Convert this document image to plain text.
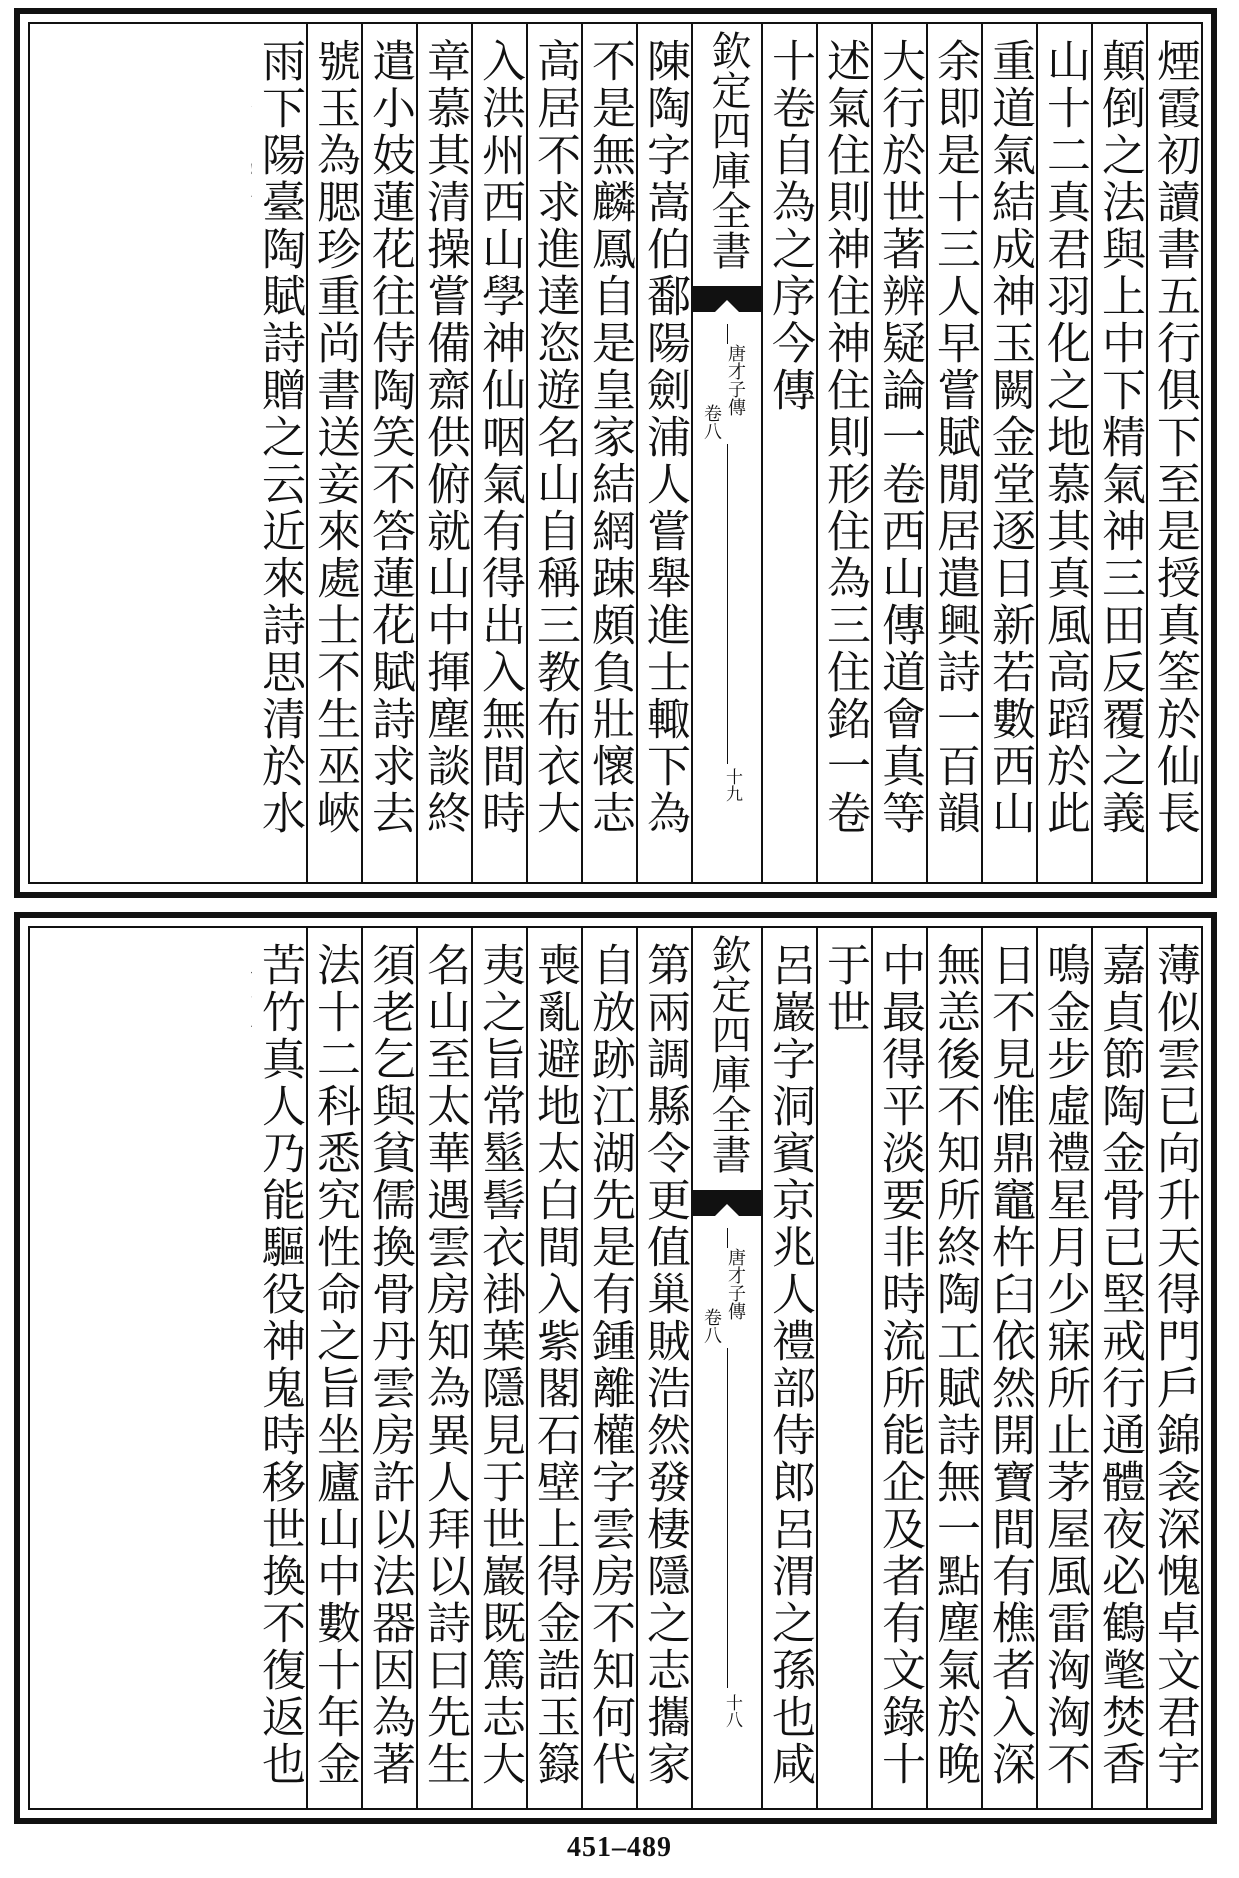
煙霞初讀書五行俱下至是授真筌於仙長
顛倒之法與上中下精氣神三田反覆之義
山十二真君羽化之地慕其真風高蹈於此
重道氣結成神玉闕金堂逐日新若數西山
余即是十三人早嘗賦閒居遣興詩一百韻
大行於世著辨疑論一卷西山傳道會真等
述氣住則神住神住則形住為三住銘一卷
十卷自為之序今傳
欽定四庫全書
唐才子傳
卷八
十九
陳陶字嵩伯鄱陽劍浦人嘗舉進士輙下為
不是無麟鳳自是皇家結網踈頗負壯懷志
高居不求進達恣遊名山自稱三教布衣大
入洪州西山學神仙咽氣有得出入無間時
章慕其清操嘗備齋供俯就山中揮塵談終
遣小妓蓮花往侍陶笑不答蓮花賦詩求去
號玉為腮珍重尚書送妾來處士不生巫峽
雨下陽臺陶賦詩贈之云近來詩思清於水
薄似雲已向升天得門戶錦衾深愧卓文君宇
嘉貞節陶金骨已堅戒行通體夜必鶴氅焚香
鳴金步虛禮星月少寐所止茅屋風雷洶洶不
日不見惟鼎竈杵臼依然開寶間有樵者入深
無恙後不知所終陶工賦詩無一點塵氣於晚
中最得平淡要非時流所能企及者有文錄十
于世
呂巖字洞賓京兆人禮部侍郎呂渭之孫也咸
欽定四庫全書
唐才子傳
卷八
十八
第兩調縣令更值巢賊浩然發棲隱之志攜家
自放跡江湖先是有鍾離權字雲房不知何代
喪亂避地太白間入紫閣石壁上得金誥玉籙
夷之旨常髽髻衣褂葉隱見于世巖既篤志大
名山至太華遇雲房知為異人拜以詩曰先生
須老乞與貧儒換骨丹雲房許以法器因為著
法十二科悉究性命之旨坐廬山中數十年金
苦竹真人乃能驅役神鬼時移世換不復返也
451–489
